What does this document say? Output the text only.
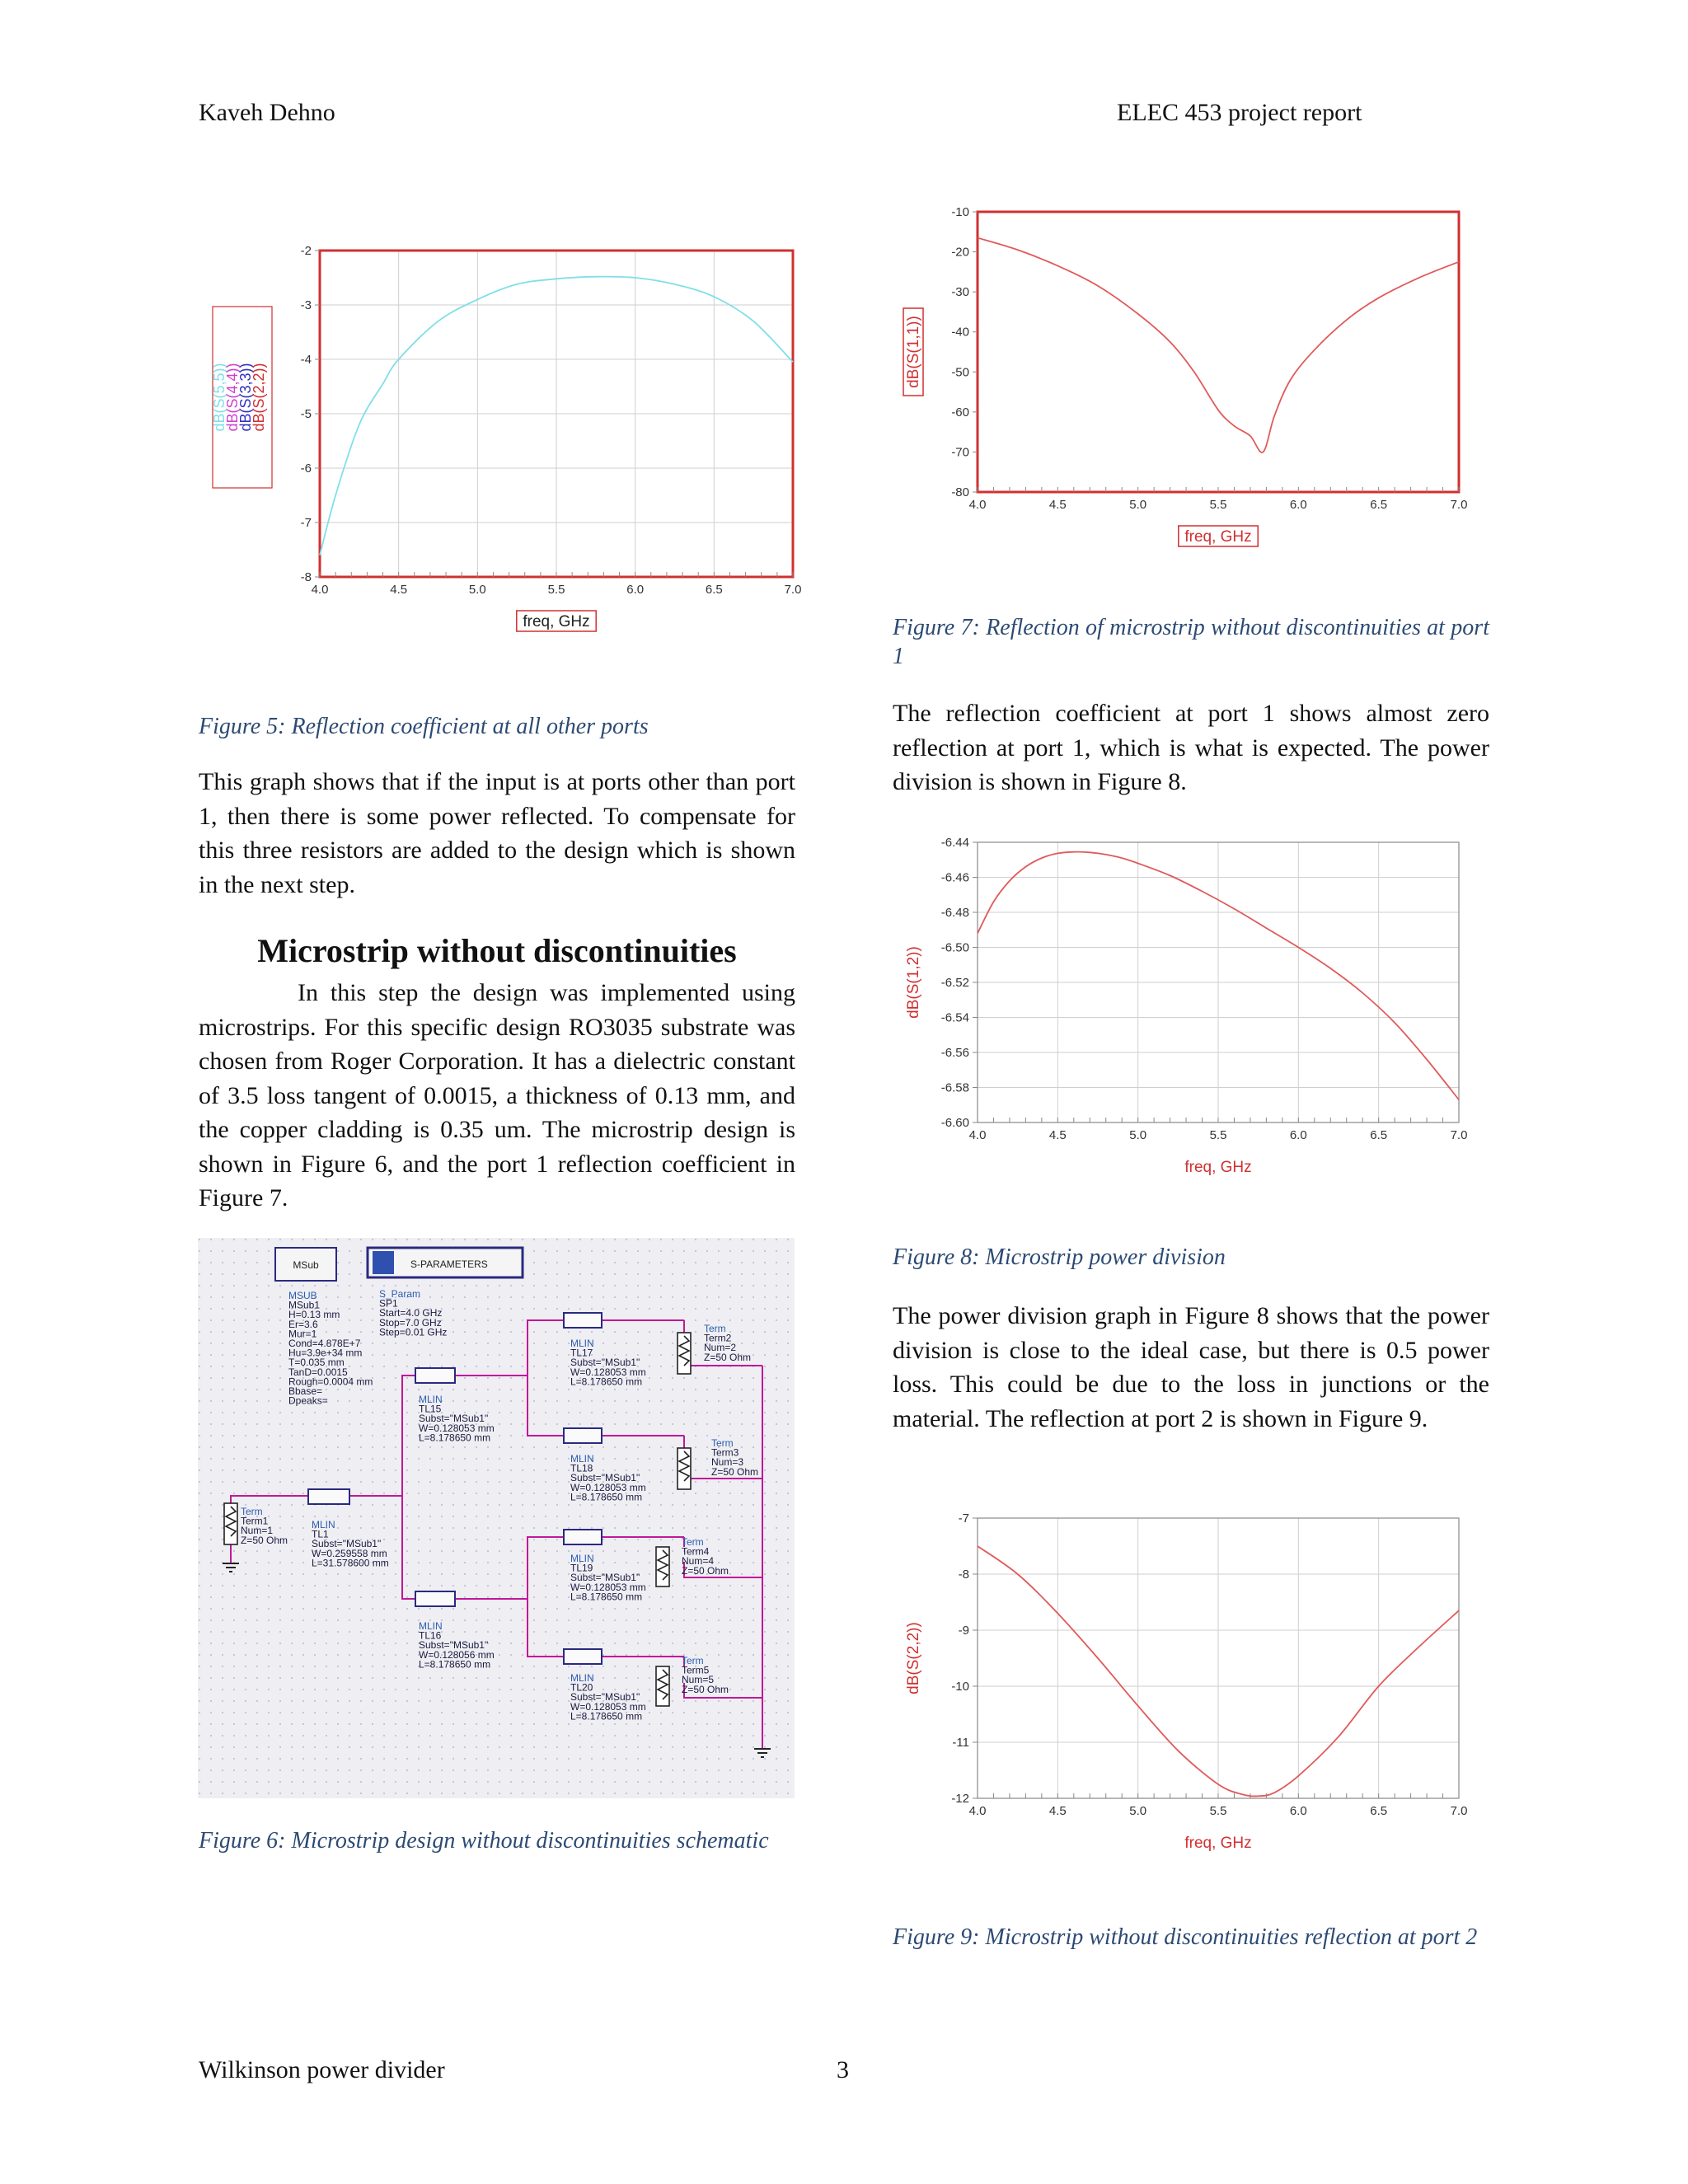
Kaveh Dehno	ELEC 453 project report
4.0	4.5	5.0	5.5	6.0	6.5	7.0
-2
-3
-4
-5
-6
-7
-8
freq, GHz
dB(S(5,5))
dB(S(4,4))
dB(S(3,3))
dB(S(2,2))
Figure 5: Reflection coefficient at all other ports

This graph shows that if the input is at ports other than port 1, then there is some power reflected. To compensate for this three resistors are added to the design which is shown in the next step.

Microstrip without discontinuities

In this step the design was implemented using microstrips. For this specific design RO3035 substrate was chosen from Roger Corporation. It has a dielectric constant of 3.5 loss tangent of 0.0015, a thickness of 0.13 mm, and the copper cladding is 0.35 um. The microstrip design is shown in Figure 6, and the port 1 reflection coefficient in Figure 7.

MSub	S-PARAMETERS
MSUB
MSub1
H=0.13 mm
Er=3.6
Mur=1
Cond=4.878E+7
Hu=3.9e+34 mm
T=0.035 mm
TanD=0.0015
Rough=0.0004 mm
Bbase=
Dpeaks=
S_Param
SP1
Start=4.0 GHz
Stop=7.0 GHz
Step=0.01 GHz
Term
Term1
Num=1
Z=50 Ohm
MLIN
TL1
Subst="MSub1"
W=0.259558 mm
L=31.578600 mm
MLIN
TL15
Subst="MSub1"
W=0.128053 mm
L=8.178650 mm
MLIN
TL16
Subst="MSub1"
W=0.128056 mm
L=8.178650 mm
MLIN
TL17
Subst="MSub1"
W=0.128053 mm
L=8.178650 mm
MLIN
TL18
Subst="MSub1"
W=0.128053 mm
L=8.178650 mm
MLIN
TL19
Subst="MSub1"
W=0.128053 mm
L=8.178650 mm
MLIN
TL20
Subst="MSub1"
W=0.128053 mm
L=8.178650 mm
Term
Term2
Num=2
Z=50 Ohm
Term
Term3
Num=3
Z=50 Ohm
Term
Term4
Num=4
Z=50 Ohm
Term
Term5
Num=5
Z=50 Ohm
Figure 6: Microstrip design without discontinuities schematic
4.0	4.5	5.0	5.5	6.0	6.5	7.0
-10
-20
-30
-40
-50
-60
-70
-80
freq, GHz
dB(S(1,1))
Figure 7: Reflection of microstrip without discontinuities at port 1

The reflection coefficient at port 1 shows almost zero reflection at port 1, which is what is expected. The power division is shown in Figure 8.

4.0	4.5	5.0	5.5	6.0	6.5	7.0
-6.44
-6.46
-6.48
-6.50
-6.52
-6.54
-6.56
-6.58
-6.60
freq, GHz
dB(S(1,2))
Figure 8: Microstrip power division

The power division graph in Figure 8 shows that the power division is close to the ideal case, but there is 0.5 power loss. This could be due to the loss in junctions or the material. The reflection at port 2 is shown in Figure 9.

4.0	4.5	5.0	5.5	6.0	6.5	7.0
-7
-8
-9
-10
-11
-12
freq, GHz
dB(S(2,2))
Figure 9: Microstrip without discontinuities reflection at port 2
Wilkinson power divider	3
